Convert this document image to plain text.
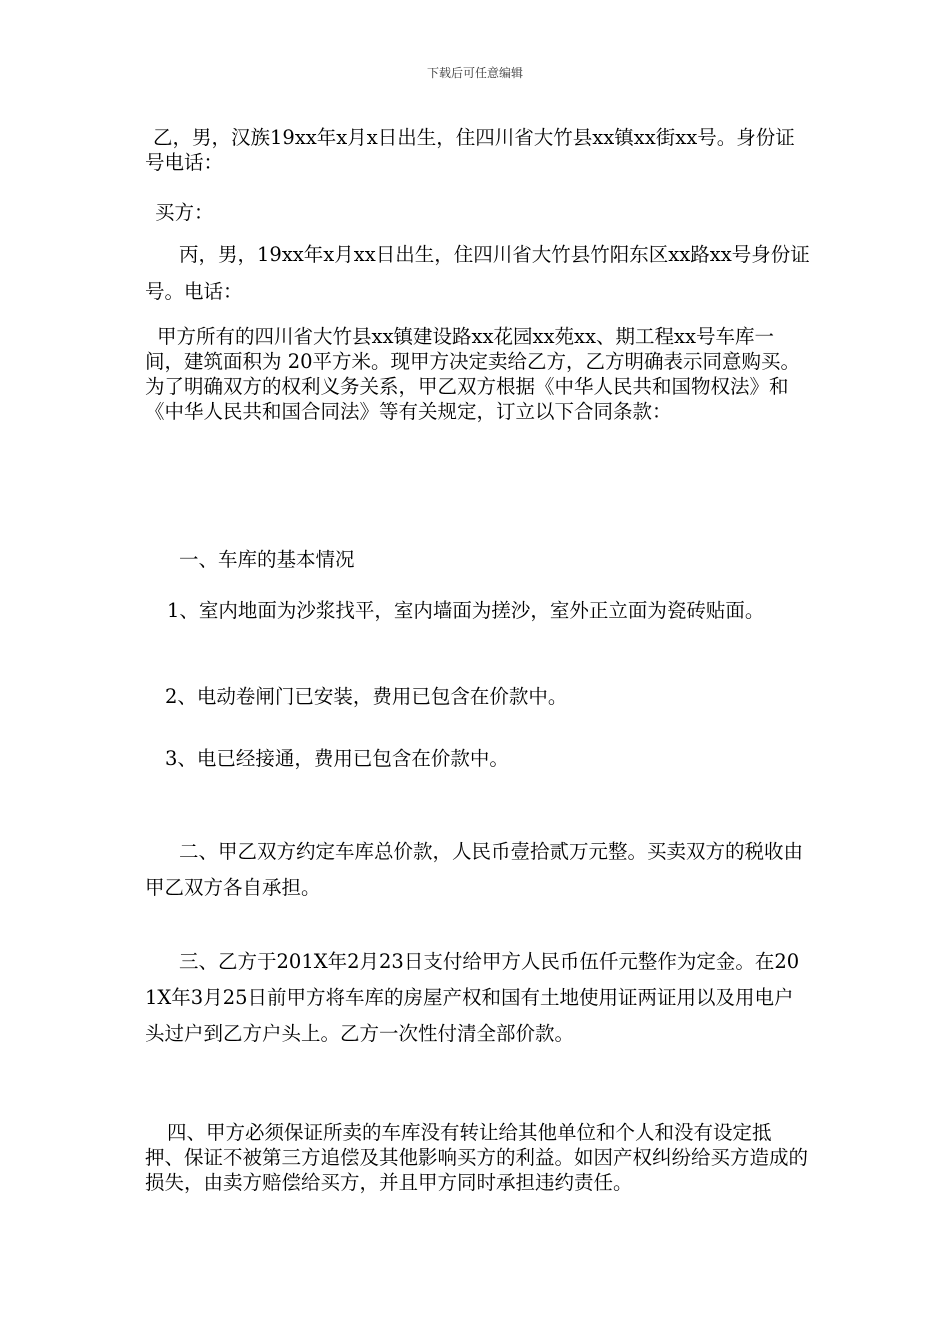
下载后可任意编辑

乙，男，汉族19xx年x月x日出生，住四川省大竹县xx镇xx街xx号。身份证号电话：

买方：

丙，男，19xx年x月xx日出生，住四川省大竹县竹阳东区xx路xx号身份证号。电话：

甲方所有的四川省大竹县xx镇建设路xx花园xx苑xx、期工程xx号车库一间，建筑面积为 20平方米。现甲方决定卖给乙方，乙方明确表示同意购买。为了明确双方的权利义务关系，甲乙双方根据《中华人民共和国物权法》和《中华人民共和国合同法》等有关规定，订立以下合同条款：

一、车库的基本情况

1、室内地面为沙浆找平，室内墙面为搓沙，室外正立面为瓷砖贴面。

2、电动卷闸门已安装，费用已包含在价款中。

3、电已经接通，费用已包含在价款中。

二、甲乙双方约定车库总价款，人民币壹拾贰万元整。买卖双方的税收由甲乙双方各自承担。

三、乙方于201X年2月23日支付给甲方人民币伍仟元整作为定金。在201X年3月25日前甲方将车库的房屋产权和国有土地使用证两证用以及用电户头过户到乙方户头上。乙方一次性付清全部价款。

四、甲方必须保证所卖的车库没有转让给其他单位和个人和没有设定抵押、保证不被第三方追偿及其他影响买方的利益。如因产权纠纷给买方造成的损失，由卖方赔偿给买方，并且甲方同时承担违约责任。
